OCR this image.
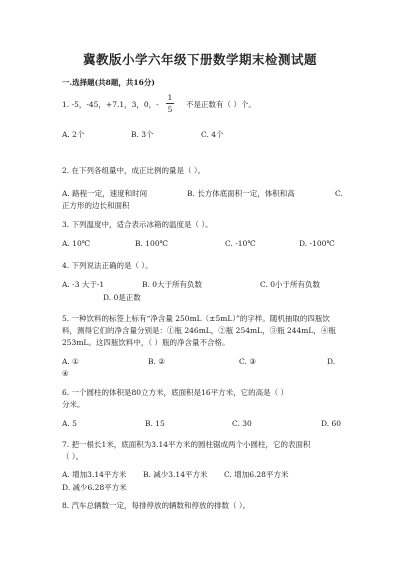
冀教版小学六年级下册数学期末检测试题
一.选择题(共8题，共16分)
1. -5，-45，+7.1，3，0，-
1
5
不是正数有（ ）个。
A. 2个	B. 3个	C. 4个
2. 在下列各组量中，成正比例的量是（ ）。
A. 路程一定，速度和时间	B. 长方体底面积一定，体积和高	C.
正方形的边长和面积
3. 下列温度中，适合表示冰箱的温度是（ ）。
A. 10℃	B. 100℃	C. -10℃	D. -100℃
4. 下列说法正确的是（ ）。
A. -3 大于-1	B. 0大于所有负数	C. 0小于所有负数
D. 0是正数
5. 一种饮料的标签上标有“净含量 250mL（±5mL）”的字样。随机抽取的四瓶饮
料，测得它们的净含量分别是：①瓶 246mL，②瓶 254mL，③瓶 244mL，④瓶
253mL。这四瓶饮料中，（ ）瓶的净含量不合格。
A. ①	B. ②	C. ③	D.
④
6. 一个圆柱的体积是80立方米，底面积是16平方米，它的高是（ ）
分米。
A. 5	B. 15	C. 30	D. 60
7. 把一根长1米，底面积为3.14平方米的圆柱锯成两个小圆柱，它的表面积
（ ）。
A. 增加3.14平方米 B. 减少3.14平方米 C. 增加6.28平方米
D. 减少6.28平方米
8. 汽车总辆数一定，每排停放的辆数和停放的排数（ ）。
